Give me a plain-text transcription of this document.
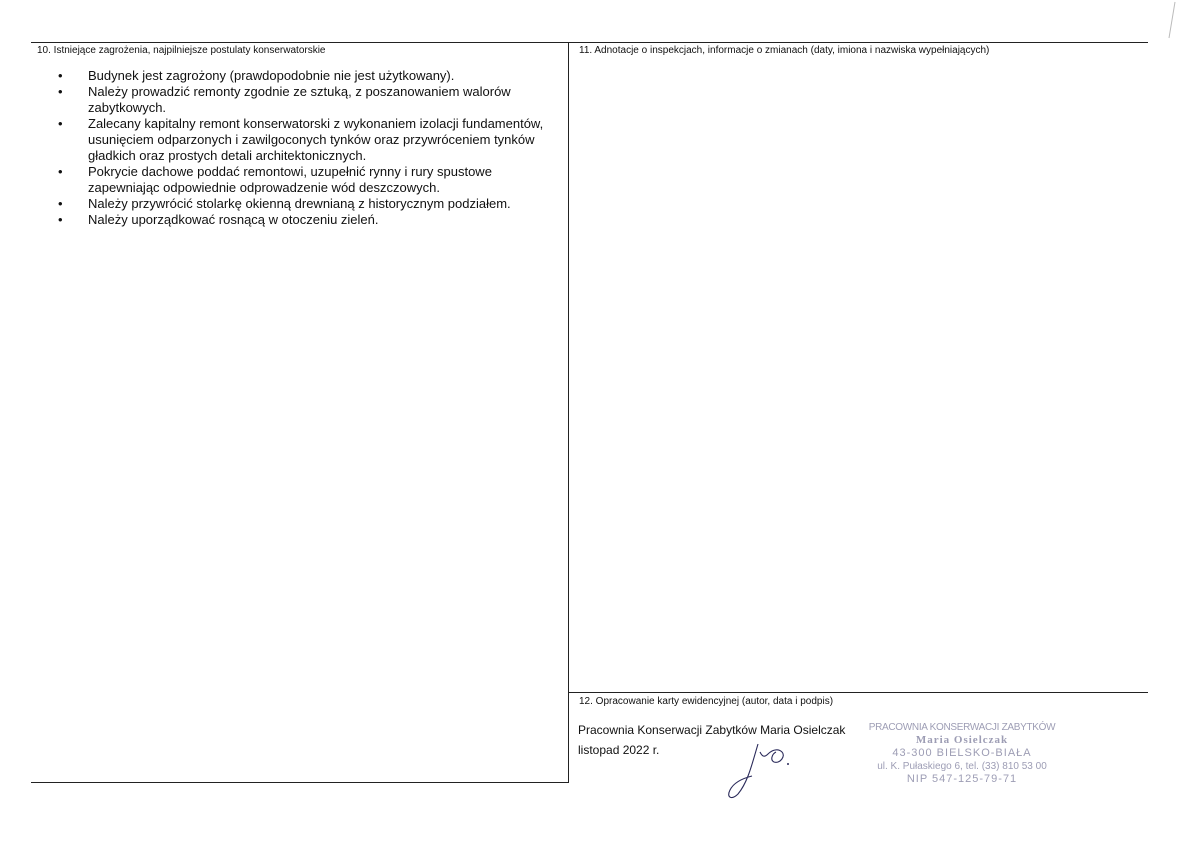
10. Istniejące zagrożenia, najpilniejsze postulaty konserwatorskie
• Budynek jest zagrożony (prawdopodobnie nie jest użytkowany).
• Należy prowadzić remonty zgodnie ze sztuką, z poszanowaniem walorów zabytkowych.
• Zalecany kapitalny remont konserwatorski z wykonaniem izolacji fundamentów, usunięciem odparzonych i zawilgoconych tynków oraz przywróceniem tynków gładkich oraz prostych detali architektonicznych.
• Pokrycie dachowe poddać remontowi, uzupełnić rynny i rury spustowe zapewniając odpowiednie odprowadzenie wód deszczowych.
• Należy przywrócić stolarkę okienną drewnianą z historycznym podziałem.
• Należy uporządkować rosnącą w otoczeniu zieleń.
11. Adnotacje o inspekcjach, informacje o zmianach (daty, imiona i nazwiska wypełniających)
12. Opracowanie karty ewidencyjnej (autor, data i podpis)
Pracownia Konserwacji Zabytków Maria Osielczak
listopad 2022 r.
PRACOWNIA KONSERWACJI ZABYTKÓW
Maria Osielczak
43-300 BIELSKO-BIAŁA
ul. K. Pułaskiego 6, tel. (33) 810 53 00
NIP 547-125-79-71
